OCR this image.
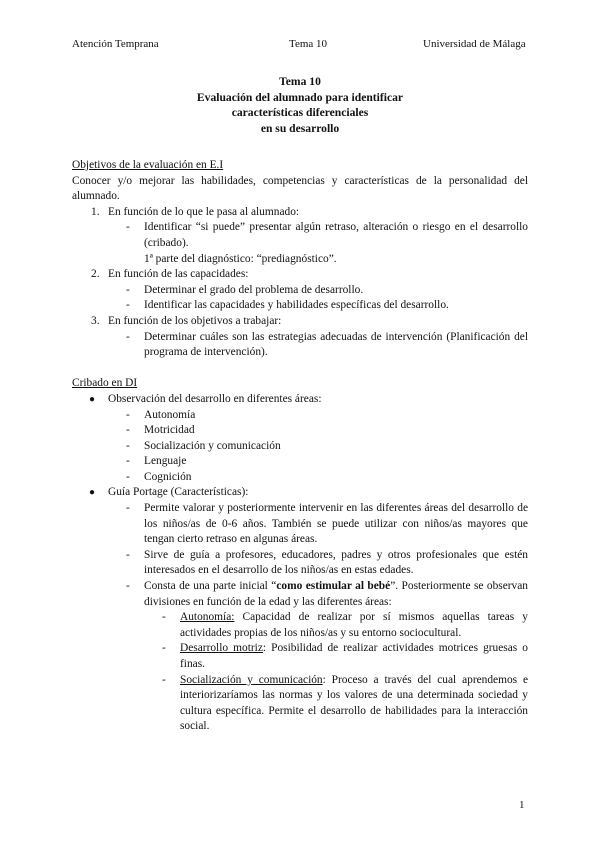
Atención Temprana	Tema 10	Universidad de Málaga
Tema 10
Evaluación del alumnado para identificar
características diferenciales
en su desarrollo
Objetivos de la evaluación en E.I
Conocer y/o mejorar las habilidades, competencias y características de la personalidad del alumnado.
1. En función de lo que le pasa al alumnado:
- Identificar “si puede” presentar algún retraso, alteración o riesgo en el desarrollo (cribado).
1ª parte del diagnóstico: “prediagnóstico”.
2. En función de las capacidades:
- Determinar el grado del problema de desarrollo.
- Identificar las capacidades y habilidades específicas del desarrollo.
3. En función de los objetivos a trabajar:
- Determinar cuáles son las estrategias adecuadas de intervención (Planificación del programa de intervención).
Cribado en DI
● Observación del desarrollo en diferentes áreas:
- Autonomía
- Motricidad
- Socialización y comunicación
- Lenguaje
- Cognición
● Guía Portage (Características):
- Permite valorar y posteriormente intervenir en las diferentes áreas del desarrollo de los niños/as de 0-6 años. También se puede utilizar con niños/as mayores que tengan cierto retraso en algunas áreas.
- Sirve de guía a profesores, educadores, padres y otros profesionales que estén interesados en el desarrollo de los niños/as en estas edades.
- Consta de una parte inicial “como estimular al bebé”. Posteriormente se observan divisiones en función de la edad y las diferentes áreas:
- Autonomía: Capacidad de realizar por sí mismos aquellas tareas y actividades propias de los niños/as y su entorno sociocultural.
- Desarrollo motriz: Posibilidad de realizar actividades motrices gruesas o finas.
- Socialización y comunicación: Proceso a través del cual aprendemos e interiorizaríamos las normas y los valores de una determinada sociedad y cultura específica. Permite el desarrollo de habilidades para la interacción social.
1
